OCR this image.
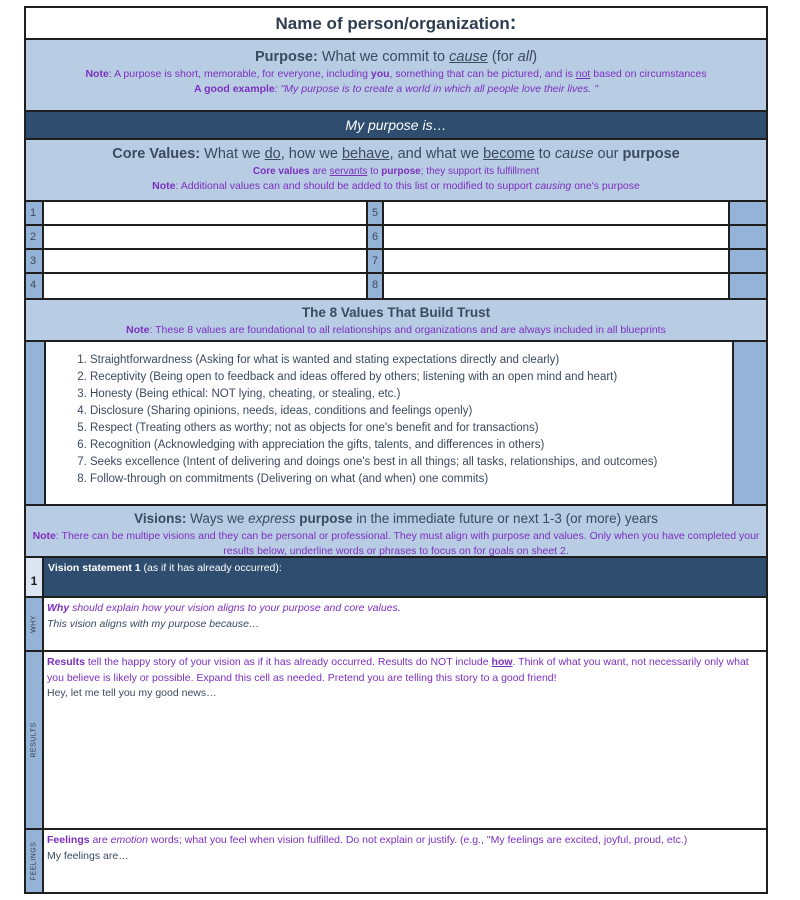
Name of person/organization:
Purpose: What we commit to cause (for all)
Note: A purpose is short, memorable, for everyone, including you, something that can be pictured, and is not based on circumstances
A good example: "My purpose is to create a world in which all people love their lives. "
My purpose is…
Core Values: What we do, how we behave, and what we become to cause our purpose
Core values are servants to purpose; they support its fulfillment
Note: Additional values can and should be added to this list or modified to support causing one's purpose
1	5
2	6
3	7
4	8
The 8 Values That Build Trust
Note: These 8 values are foundational to all relationships and organizations and are always included in all blueprints
1. Straightforwardness (Asking for what is wanted and stating expectations directly and clearly)
2. Receptivity (Being open to feedback and ideas offered by others; listening with an open mind and heart)
3. Honesty (Being ethical: NOT lying, cheating, or stealing, etc.)
4. Disclosure (Sharing opinions, needs, ideas, conditions and feelings openly)
5. Respect (Treating others as worthy; not as objects for one's benefit and for transactions)
6. Recognition (Acknowledging with appreciation the gifts, talents, and differences in others)
7. Seeks excellence (Intent of delivering and doings one's best in all things; all tasks, relationships, and outcomes)
8. Follow-through on commitments (Delivering on what (and when) one commits)
Visions: Ways we express purpose in the immediate future or next 1-3 (or more) years
Note: There can be multipe visions and they can be personal or professional. They must align with purpose and values. Only when you have completed your results below, underline words or phrases to focus on for goals on sheet 2.
1
Vision statement 1 (as if it has already occurred):
WHY
Why should explain how your vision aligns to your purpose and core values.
This vision aligns with my purpose because…
RESULTS
Results tell the happy story of your vision as if it has already occurred. Results do NOT include how. Think of what you want, not necessarily only what you believe is likely or possible. Expand this cell as needed. Pretend you are telling this story to a good friend!
Hey, let me tell you my good news…
FEELINGS
Feelings are emotion words; what you feel when vision fulfilled. Do not explain or justify. (e.g., "My feelings are excited, joyful, proud, etc.)
My feelings are…
